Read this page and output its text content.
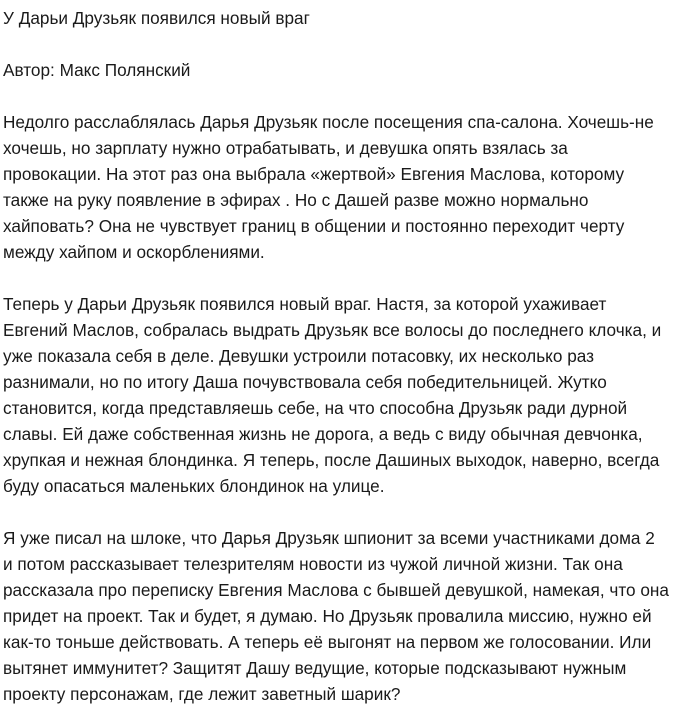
У Дарьи Друзьяк появился новый враг
Автор: Макс Полянский
Недолго расслаблялась Дарья Друзьяк после посещения спа-салона. Хочешь-не
хочешь, но зарплату нужно отрабатывать, и девушка опять взялась за
провокации. На этот раз она выбрала «жертвой» Евгения Маслова, которому
также на руку появление в эфирах . Но с Дашей разве можно нормально
хайповать? Она не чувствует границ в общении и постоянно переходит черту
между хайпом и оскорблениями.
Теперь у Дарьи Друзьяк появился новый враг. Настя, за которой ухаживает
Евгений Маслов, собралась выдрать Друзьяк все волосы до последнего клочка, и
уже показала себя в деле. Девушки устроили потасовку, их несколько раз
разнимали, но по итогу Даша почувствовала себя победительницей. Жутко
становится, когда представляешь себе, на что способна Друзьяк ради дурной
славы. Ей даже собственная жизнь не дорога, а ведь с виду обычная девчонка,
хрупкая и нежная блондинка. Я теперь, после Дашиных выходок, наверно, всегда
буду опасаться маленьких блондинок на улице.
Я уже писал на шлоке, что Дарья Друзьяк шпионит за всеми участниками дома 2
и потом рассказывает телезрителям новости из чужой личной жизни. Так она
рассказала про переписку Евгения Маслова с бывшей девушкой, намекая, что она
придет на проект. Так и будет, я думаю. Но Друзьяк провалила миссию, нужно ей
как-то тоньше действовать. А теперь её выгонят на первом же голосовании. Или
вытянет иммунитет? Защитят Дашу ведущие, которые подсказывают нужным
проекту персонажам, где лежит заветный шарик?
